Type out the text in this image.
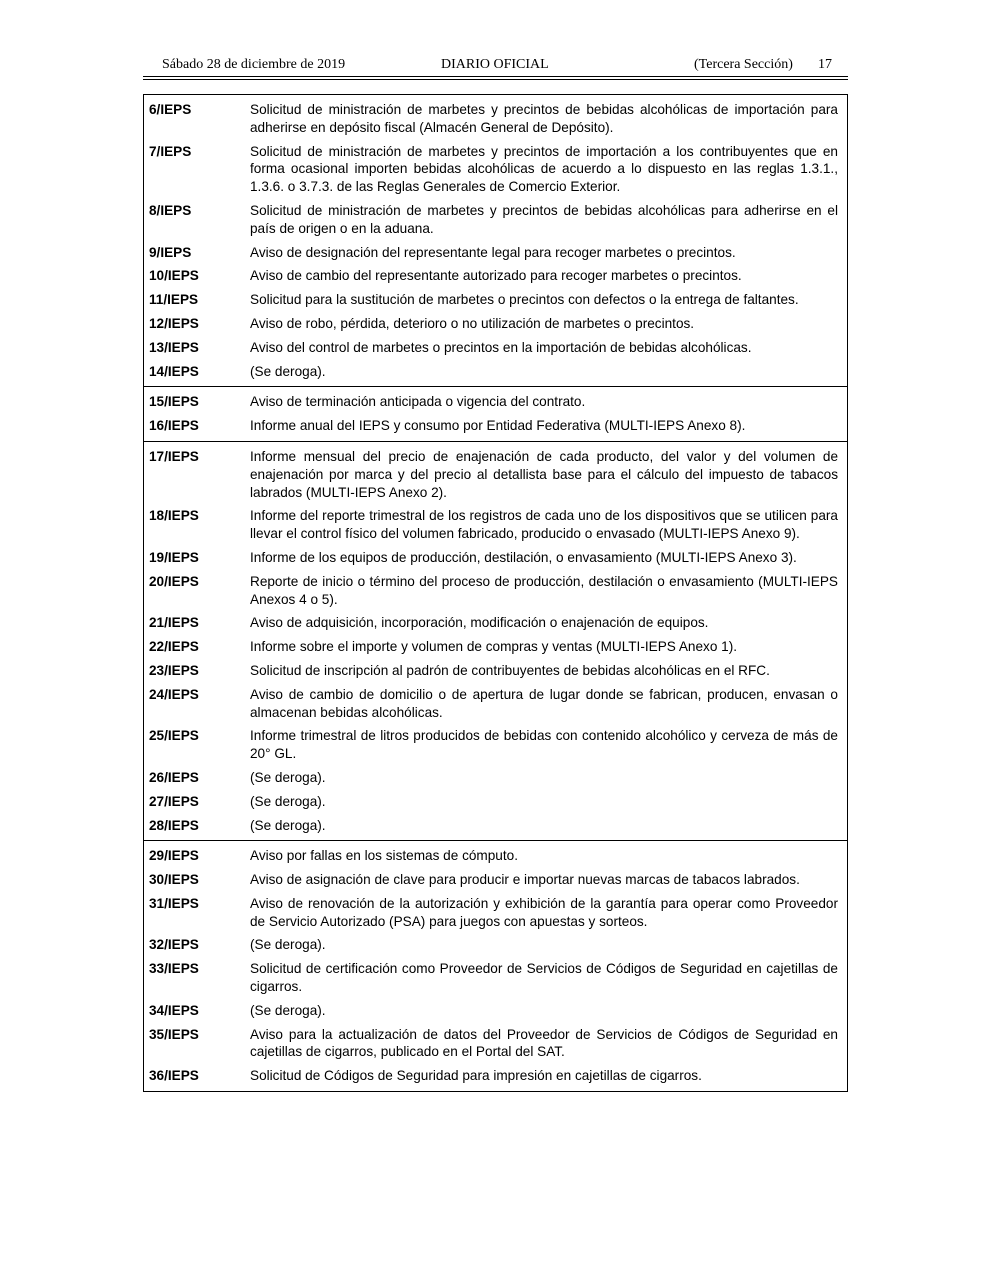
Sábado 28 de diciembre de 2019	DIARIO OFICIAL	(Tercera Sección) 17
6/IEPS	Solicitud de ministración de marbetes y precintos de bebidas alcohólicas de importación para adherirse en depósito fiscal (Almacén General de Depósito).
7/IEPS	Solicitud de ministración de marbetes y precintos de importación a los contribuyentes que en forma ocasional importen bebidas alcohólicas de acuerdo a lo dispuesto en las reglas 1.3.1., 1.3.6. o 3.7.3. de las Reglas Generales de Comercio Exterior.
8/IEPS	Solicitud de ministración de marbetes y precintos de bebidas alcohólicas para adherirse en el país de origen o en la aduana.
9/IEPS	Aviso de designación del representante legal para recoger marbetes o precintos.
10/IEPS	Aviso de cambio del representante autorizado para recoger marbetes o precintos.
11/IEPS	Solicitud para la sustitución de marbetes o precintos con defectos o la entrega de faltantes.
12/IEPS	Aviso de robo, pérdida, deterioro o no utilización de marbetes o precintos.
13/IEPS	Aviso del control de marbetes o precintos en la importación de bebidas alcohólicas.
14/IEPS	(Se deroga).
15/IEPS	Aviso de terminación anticipada o vigencia del contrato.
16/IEPS	Informe anual del IEPS y consumo por Entidad Federativa (MULTI-IEPS Anexo 8).
17/IEPS	Informe mensual del precio de enajenación de cada producto, del valor y del volumen de enajenación por marca y del precio al detallista base para el cálculo del impuesto de tabacos labrados (MULTI-IEPS Anexo 2).
18/IEPS	Informe del reporte trimestral de los registros de cada uno de los dispositivos que se utilicen para llevar el control físico del volumen fabricado, producido o envasado (MULTI-IEPS Anexo 9).
19/IEPS	Informe de los equipos de producción, destilación, o envasamiento (MULTI-IEPS Anexo 3).
20/IEPS	Reporte de inicio o término del proceso de producción, destilación o envasamiento (MULTI-IEPS Anexos 4 o 5).
21/IEPS	Aviso de adquisición, incorporación, modificación o enajenación de equipos.
22/IEPS	Informe sobre el importe y volumen de compras y ventas (MULTI-IEPS Anexo 1).
23/IEPS	Solicitud de inscripción al padrón de contribuyentes de bebidas alcohólicas en el RFC.
24/IEPS	Aviso de cambio de domicilio o de apertura de lugar donde se fabrican, producen, envasan o almacenan bebidas alcohólicas.
25/IEPS	Informe trimestral de litros producidos de bebidas con contenido alcohólico y cerveza de más de 20° GL.
26/IEPS	(Se deroga).
27/IEPS	(Se deroga).
28/IEPS	(Se deroga).
29/IEPS	Aviso por fallas en los sistemas de cómputo.
30/IEPS	Aviso de asignación de clave para producir e importar nuevas marcas de tabacos labrados.
31/IEPS	Aviso de renovación de la autorización y exhibición de la garantía para operar como Proveedor de Servicio Autorizado (PSA) para juegos con apuestas y sorteos.
32/IEPS	(Se deroga).
33/IEPS	Solicitud de certificación como Proveedor de Servicios de Códigos de Seguridad en cajetillas de cigarros.
34/IEPS	(Se deroga).
35/IEPS	Aviso para la actualización de datos del Proveedor de Servicios de Códigos de Seguridad en cajetillas de cigarros, publicado en el Portal del SAT.
36/IEPS	Solicitud de Códigos de Seguridad para impresión en cajetillas de cigarros.
